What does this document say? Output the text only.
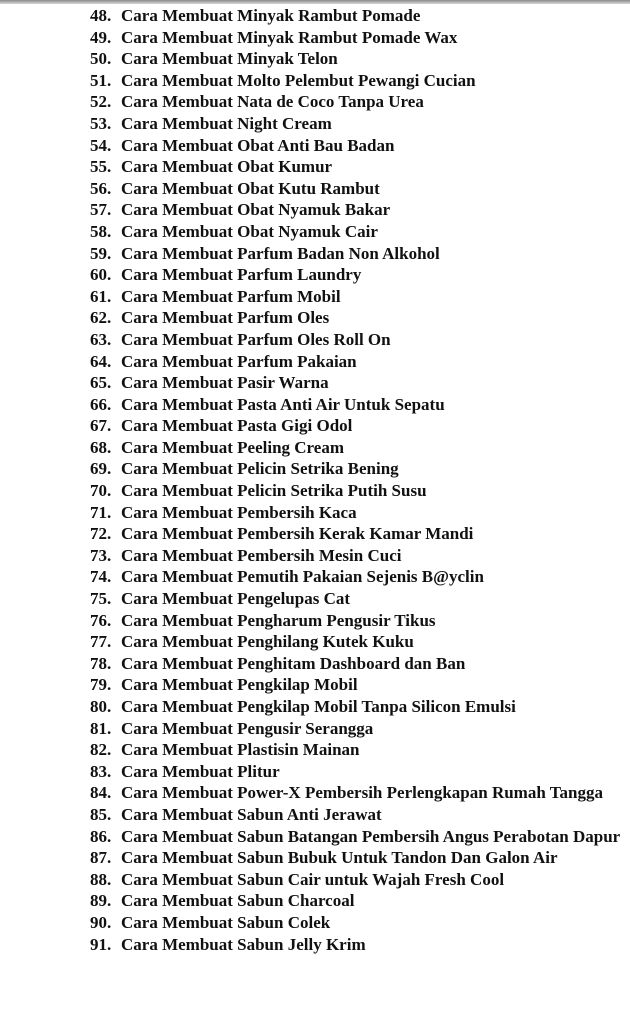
48. Cara Membuat Minyak Rambut Pomade
49. Cara Membuat Minyak Rambut Pomade Wax
50. Cara Membuat Minyak Telon
51. Cara Membuat Molto Pelembut Pewangi Cucian
52. Cara Membuat Nata de Coco Tanpa Urea
53. Cara Membuat Night Cream
54. Cara Membuat Obat Anti Bau Badan
55. Cara Membuat Obat Kumur
56. Cara Membuat Obat Kutu Rambut
57. Cara Membuat Obat Nyamuk Bakar
58. Cara Membuat Obat Nyamuk Cair
59. Cara Membuat Parfum Badan Non Alkohol
60. Cara Membuat Parfum Laundry
61. Cara Membuat Parfum Mobil
62. Cara Membuat Parfum Oles
63. Cara Membuat Parfum Oles Roll On
64. Cara Membuat Parfum Pakaian
65. Cara Membuat Pasir Warna
66. Cara Membuat Pasta Anti Air Untuk Sepatu
67. Cara Membuat Pasta Gigi Odol
68. Cara Membuat Peeling Cream
69. Cara Membuat Pelicin Setrika Bening
70. Cara Membuat Pelicin Setrika Putih Susu
71. Cara Membuat Pembersih Kaca
72. Cara Membuat Pembersih Kerak Kamar Mandi
73. Cara Membuat Pembersih Mesin Cuci
74. Cara Membuat Pemutih Pakaian Sejenis B@yclin
75. Cara Membuat Pengelupas Cat
76. Cara Membuat Pengharum Pengusir Tikus
77. Cara Membuat Penghilang Kutek Kuku
78. Cara Membuat Penghitam Dashboard dan Ban
79. Cara Membuat Pengkilap Mobil
80. Cara Membuat Pengkilap Mobil Tanpa Silicon Emulsi
81. Cara Membuat Pengusir Serangga
82. Cara Membuat Plastisin Mainan
83. Cara Membuat Plitur
84. Cara Membuat Power-X Pembersih Perlengkapan Rumah Tangga
85. Cara Membuat Sabun Anti Jerawat
86. Cara Membuat Sabun Batangan Pembersih Angus Perabotan Dapur
87. Cara Membuat Sabun Bubuk Untuk Tandon Dan Galon Air
88. Cara Membuat Sabun Cair untuk Wajah Fresh Cool
89. Cara Membuat Sabun Charcoal
90. Cara Membuat Sabun Colek
91. Cara Membuat Sabun Jelly Krim
